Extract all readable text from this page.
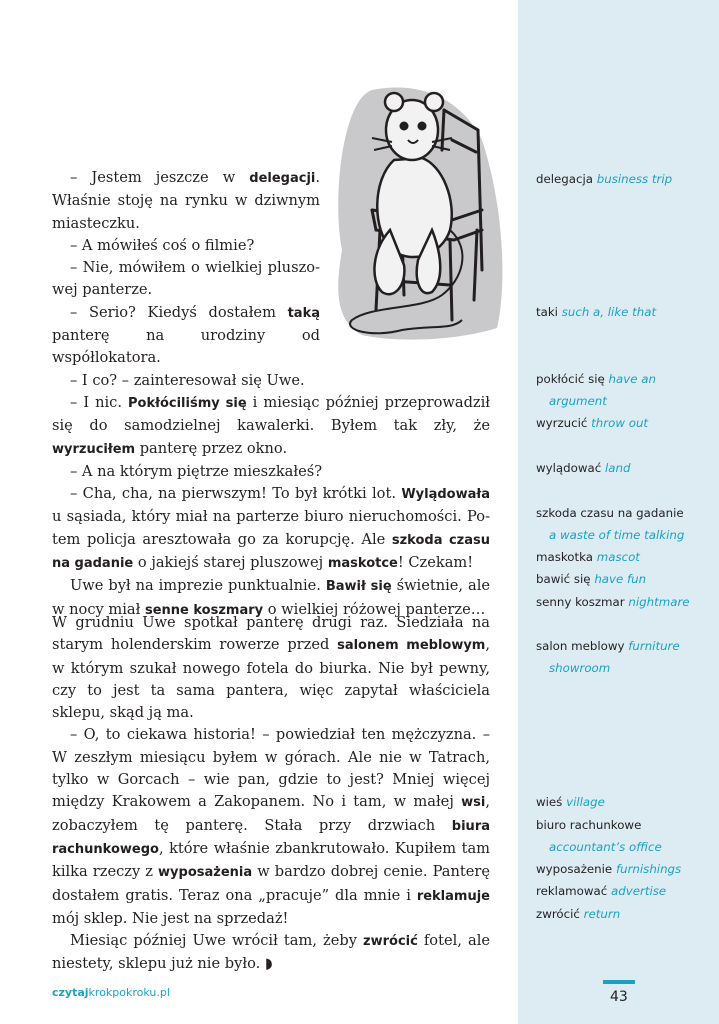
– Jestem jeszcze w delegacji. Właśnie stoję na rynku w dziwnym miasteczku.

– A mówiłeś coś o filmie?

– Nie, mówiłem o wielkiej pluszowej panterze.

– Serio? Kiedyś dostałem taką panterę na urodziny od współlokatora.

– I co? – zainteresował się Uwe.

– I nic. Pokłóciliśmy się i miesiąc później przeprowadził się do samodzielnej kawalerki. Byłem tak zły, że wyrzuciłem panterę przez okno.

– A na którym piętrze mieszkałeś?

– Cha, cha, na pierwszym! To był krótki lot. Wylądowała u sąsiada, który miał na parterze biuro nieruchomości. Potem policja aresztowała go za korupcję. Ale szkoda czasu na gadanie o jakiejś starej pluszowej maskotce! Czekam!

Uwe był na imprezie punktualnie. Bawił się świetnie, ale w nocy miał senne koszmary o wielkiej różowej panterze…

W grudniu Uwe spotkał panterę drugi raz. Siedziała na starym holenderskim rowerze przed salonem meblowym, w którym szukał nowego fotela do biurka. Nie był pewny, czy to jest ta sama pantera, więc zapytał właściciela sklepu, skąd ją ma.

– O, to ciekawa historia! – powiedział ten mężczyzna. – W zeszłym miesiącu byłem w górach. Ale nie w Tatrach, tylko w Gorcach – wie pan, gdzie to jest? Mniej więcej między Krakowem a Zakopanem. No i tam, w małej wsi, zobaczyłem tę panterę. Stała przy drzwiach biura rachunkowego, które właśnie zbankrutowało. Kupiłem tam kilka rzeczy z wyposażenia w bardzo dobrej cenie. Panterę dostałem gratis. Teraz ona „pracuje” dla mnie i reklamuje mój sklep. Nie jest na sprzedaż!

Miesiąc później Uwe wrócił tam, żeby zwrócić fotel, ale niestety, sklepu już nie było. ◗

delegacja business trip
taki such a, like that
pokłócić się have an
argument
wyrzucić throw out
wylądować land
szkoda czasu na gadanie
a waste of time talking
maskotka mascot
bawić się have fun
senny koszmar nightmare
salon meblowy furniture
showroom
wieś village
biuro rachunkowe
accountant’s office
wyposażenie furnishings
reklamować advertise
zwrócić return
czytajkrokpokroku.pl	43
